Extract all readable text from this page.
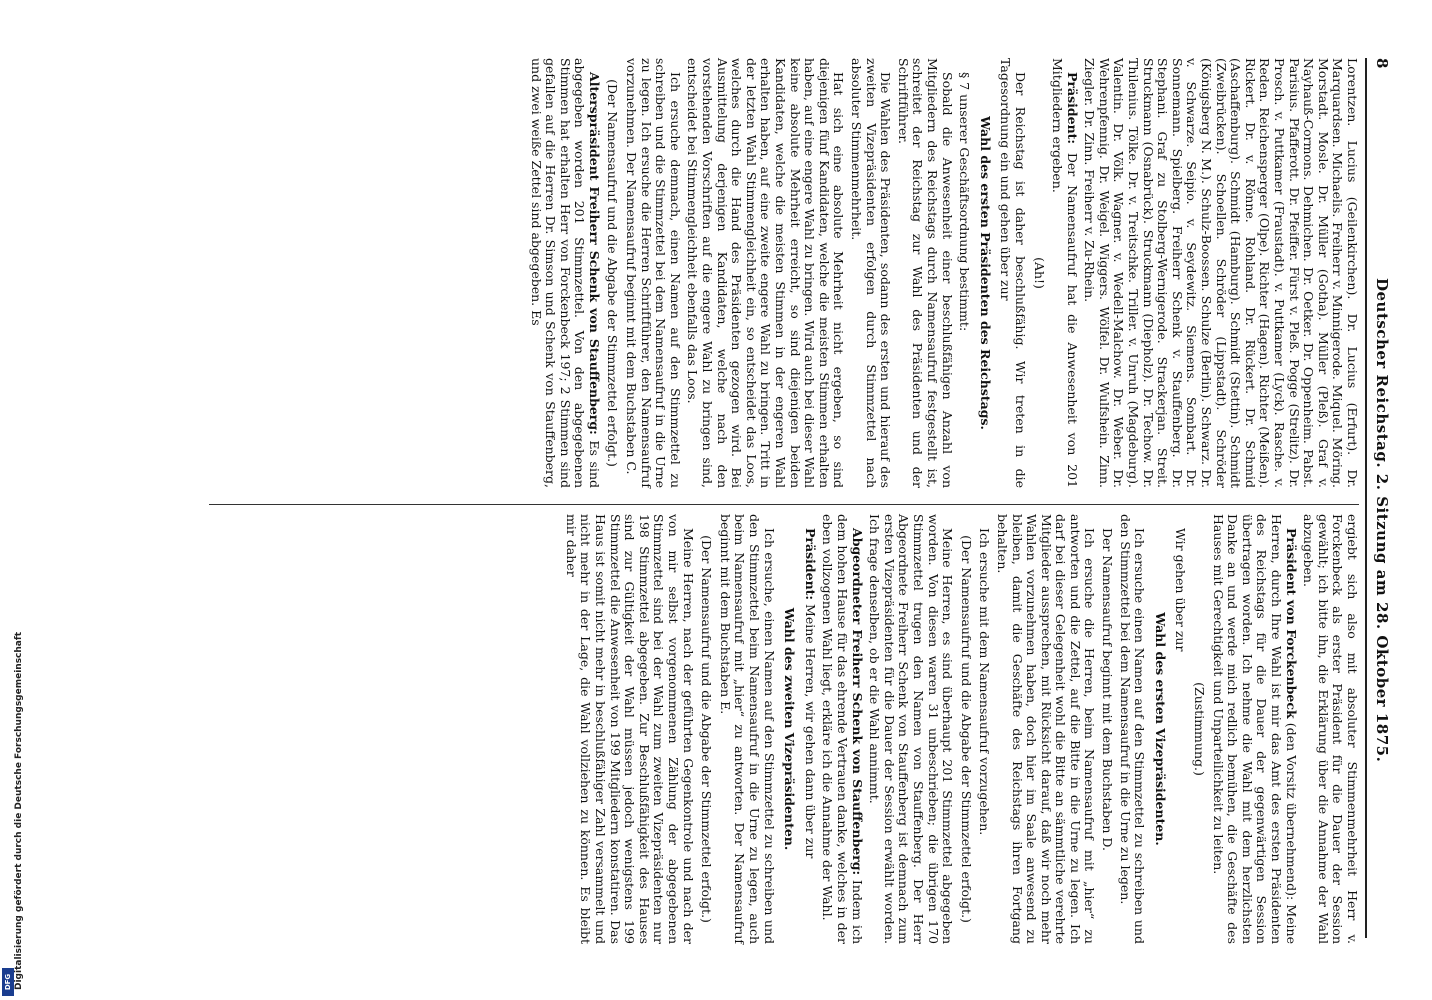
8
Deutscher Reichstag. 2. Sitzung am 28. Oktober 1875.

Lorentzen. Lucius (Geilenkirchen). Dr. Lucius (Erfurt). Dr. Marquardsen. Michaelis. Freiherr v. Minnigerode. Miquel. Möring. Morstadt. Mosle. Dr. Müller (Gotha). Müller (Pleß). Graf v. Nayhauß-Cormons. Dehmichen. Dr. Oetker. Dr. Oppenheim. Pabst. Parisius. Pfafferott. Dr. Pfeiffer. Fürst v. Pleß. Pogge (Strelitz). Dr. Prosch. v. Puttkamer (Fraustadt). v. Puttkamer (Lyck). Rasche. v. Reden. Reichensperger (Olpe). Richter (Hagen). Richter (Meißen). Rickert. Dr. v. Rönne. Rohland. Dr. Rückert. Dr. Schmid (Aschaffenburg). Schmidt (Hamburg). Schmidt (Stettin). Schmidt (Zweibrücken). Schoellen. Schröder (Lippstadt). Schröder (Königsberg N. M.). Schulz-Boossen. Schulze (Berlin). Schwarz. Dr. v. Schwarze. Seipio. v. Seydewitz. Siemens. Sombart. Dr. Sonnemann. Spielberg. Freiherr Schenk v. Stauffenberg. Dr. Stephani. Graf zu Stolberg-Wernigerode. Strackerjan. Streit. Struckmann (Osnabrück). Struckmann (Diepholz). Dr. Techow. Dr. Thilenius. Tölke. Dr. v. Treitschke. Triller. v. Unruh (Magdeburg). Valentin. Dr. Völk. Wagner. v. Wedell-Malchow. Dr. Weber. Dr. Wehrenpfennig. Dr. Weigel. Wiggers. Wölfel. Dr. Wulfshein. Zinn. Ziegler. Dr. Zinn. Freiherr v. Zu-Rhein.

Präsident: Der Namensaufruf hat die Anwesenheit von 201 Mitgliedern ergeben.

(Ah!)

Der Reichstag ist daher beschlußfähig. Wir treten in die Tagesordnung ein und gehen über zur

Wahl des ersten Präsidenten des Reichstags.

§ 7 unserer Geschäftsordnung bestimmt:

Sobald die Anwesenheit einer beschlußfähigen Anzahl von Mitgliedern des Reichstags durch Namensaufruf festgestellt ist, schreitet der Reichstag zur Wahl des Präsidenten und der Schriftführer.

Die Wahlen des Präsidenten, sodann des ersten und hierauf des zweiten Vizepräsidenten erfolgen durch Stimmzettel nach absoluter Stimmenmehrheit.

Hat sich eine absolute Mehrheit nicht ergeben, so sind diejenigen fünf Kandidaten, welche die meisten Stimmen erhalten haben, auf eine engere Wahl zu bringen. Wird auch bei dieser Wahl keine absolute Mehrheit erreicht, so sind diejenigen beiden Kandidaten, welche die meisten Stimmen in der engeren Wahl erhalten haben, auf eine zweite engere Wahl zu bringen. Tritt in der letzten Wahl Stimmengleichheit ein, so entscheidet das Loos, welches durch die Hand des Präsidenten gezogen wird. Bei Ausmittelung derjenigen Kandidaten, welche nach den vorstehenden Vorschriften auf die engere Wahl zu bringen sind, entscheidet bei Stimmengleichheit ebenfalls das Loos.

Ich ersuche demnach, einen Namen auf den Stimmzettel zu schreiben und die Stimmzettel bei dem Namensaufruf in die Urne zu legen. Ich ersuche die Herren Schriftführer, den Namensaufruf vorzunehmen. Der Namensaufruf beginnt mit dem Buchstaben C.

(Der Namensaufruf und die Abgabe der Stimmzettel erfolgt.)

Alterspräsident Freiherr Schenk von Stauffenberg: Es sind abgegeben worden 201 Stimmzettel. Von den abgegebenen Stimmen hat erhalten Herr von Forckenbeck 197; 2 Stimmen sind gefallen auf die Herren Dr. Simson und Schenk von Stauffenberg, und zwei weiße Zettel sind abgegeben. Es

ergiebt sich also mit absoluter Stimmenmehrheit Herr v. Forckenbeck als erster Präsident für die Dauer der Session gewählt; ich bitte ihn, die Erklärung über die Annahme der Wahl abzugeben.

Präsident von Forckenbeck (den Vorsitz übernehmend): Meine Herren, durch Ihre Wahl ist mir das Amt des ersten Präsidenten des Reichstags für die Dauer der gegenwärtigen Session übertragen worden. Ich nehme die Wahl mit dem herzlichsten Danke an und werde mich redlich bemühen, die Geschäfte des Hauses mit Gerechtigkeit und Unparteilichkeit zu leiten.

(Zustimmung.)

Wir gehen über zur

Wahl des ersten Vizepräsidenten.

Ich ersuche einen Namen auf den Stimmzettel zu schreiben und den Stimmzettel bei dem Namensaufruf in die Urne zu legen.

Der Namensaufruf beginnt mit dem Buchstaben D.

Ich ersuche die Herren, beim Namensaufruf mit „hier“ zu antworten und die Zettel, auf die Bitte in die Urne zu legen. Ich darf bei dieser Gelegenheit wohl die Bitte an sämmtliche verehrte Mitglieder aussprechen, mit Rücksicht darauf, daß wir noch mehr Wahlen vorzunehmen haben, doch hier im Saale anwesend zu bleiben, damit die Geschäfte des Reichstags ihren Fortgang behalten.

Ich ersuche mit dem Namensaufruf vorzugehen.

(Der Namensaufruf und die Abgabe der Stimmzettel erfolgt.)

Meine Herren, es sind überhaupt 201 Stimmzettel abgegeben worden. Von diesen waren 31 unbeschrieben; die übrigen 170 Stimmzettel trugen den Namen von Stauffenberg. Der Herr Abgeordnete Freiherr Schenk von Stauffenberg ist demnach zum ersten Vizepräsidenten für die Dauer der Session erwählt worden. Ich frage denselben, ob er die Wahl annimmt.

Abgeordneter Freiherr Schenk von Stauffenberg: Indem ich dem hohen Hause für das ehrende Vertrauen danke, welches in der eben vollzogenen Wahl liegt, erkläre ich die Annahme der Wahl.

Präsident: Meine Herren, wir gehen dann über zur

Wahl des zweiten Vizepräsidenten.

Ich ersuche, einen Namen auf den Stimmzettel zu schreiben und den Stimmzettel beim Namensaufruf in die Urne zu legen, auch beim Namensaufruf mit „hier“ zu antworten. Der Namensaufruf beginnt mit dem Buchstaben E.

(Der Namensaufruf und die Abgabe der Stimmzettel erfolgt.)

Meine Herren, nach der geführten Gegenkontrole und nach der von mir selbst vorgenommenen Zählung der abgegebenen Stimmzettel sind bei der Wahl zum zweiten Vizepräsidenten nur 198 Stimmzettel abgegeben. Zur Beschlußfähigkeit des Hauses sind zur Gültigkeit der Wahl müssen jedoch wenigstens 199 Stimmzettel die Anwesenheit von 199 Mitgliedern konstatiren. Das Haus ist somit nicht mehr in beschlußfähiger Zahl versammelt und nicht mehr in der Lage, die Wahl vollziehen zu können. Es bleibt mir daher

Digitalisierung gefördert durch die Deutsche Forschungsgemeinschaft
DFG
